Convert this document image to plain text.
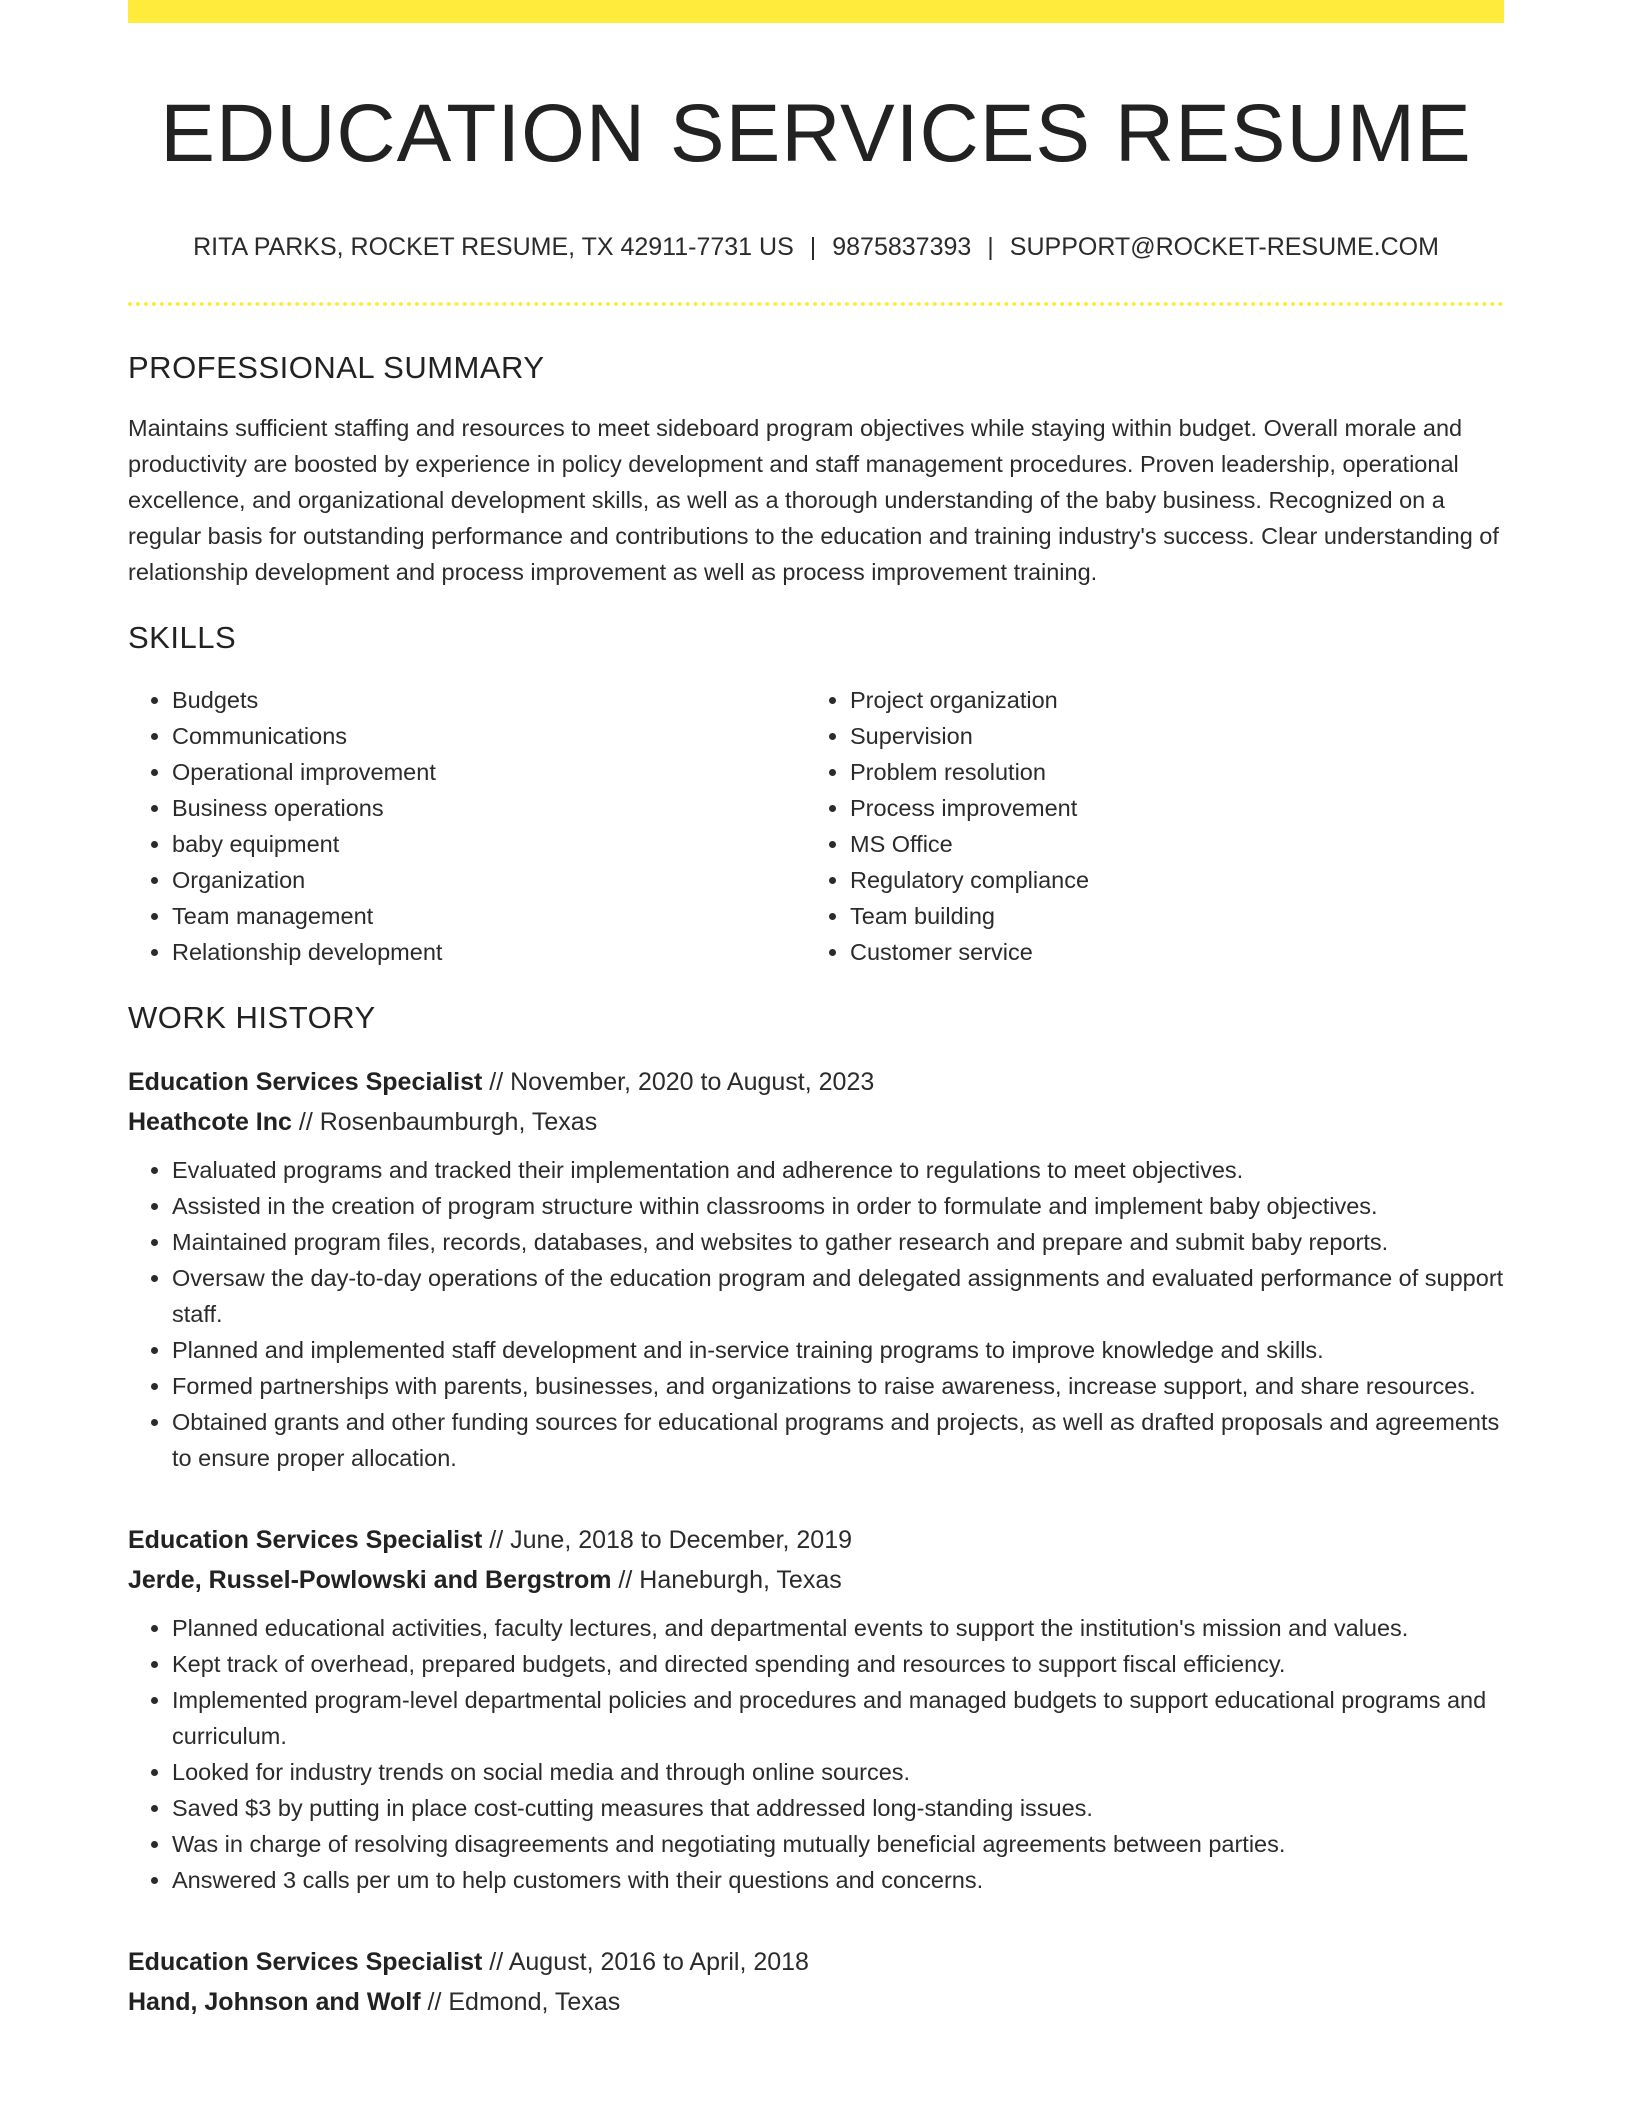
EDUCATION SERVICES RESUME
RITA PARKS, ROCKET RESUME, TX 42911-7731 US | 9875837393 | SUPPORT@ROCKET-RESUME.COM
PROFESSIONAL SUMMARY
Maintains sufficient staffing and resources to meet sideboard program objectives while staying within budget. Overall morale and productivity are boosted by experience in policy development and staff management procedures. Proven leadership, operational excellence, and organizational development skills, as well as a thorough understanding of the baby business. Recognized on a regular basis for outstanding performance and contributions to the education and training industry's success. Clear understanding of relationship development and process improvement as well as process improvement training.
SKILLS
• Budgets
• Communications
• Operational improvement
• Business operations
• baby equipment
• Organization
• Team management
• Relationship development
• Project organization
• Supervision
• Problem resolution
• Process improvement
• MS Office
• Regulatory compliance
• Team building
• Customer service
WORK HISTORY
Education Services Specialist // November, 2020 to August, 2023
Heathcote Inc // Rosenbaumburgh, Texas
• Evaluated programs and tracked their implementation and adherence to regulations to meet objectives.
• Assisted in the creation of program structure within classrooms in order to formulate and implement baby objectives.
• Maintained program files, records, databases, and websites to gather research and prepare and submit baby reports.
• Oversaw the day-to-day operations of the education program and delegated assignments and evaluated performance of support staff.
• Planned and implemented staff development and in-service training programs to improve knowledge and skills.
• Formed partnerships with parents, businesses, and organizations to raise awareness, increase support, and share resources.
• Obtained grants and other funding sources for educational programs and projects, as well as drafted proposals and agreements to ensure proper allocation.
Education Services Specialist // June, 2018 to December, 2019
Jerde, Russel-Powlowski and Bergstrom // Haneburgh, Texas
• Planned educational activities, faculty lectures, and departmental events to support the institution's mission and values.
• Kept track of overhead, prepared budgets, and directed spending and resources to support fiscal efficiency.
• Implemented program-level departmental policies and procedures and managed budgets to support educational programs and curriculum.
• Looked for industry trends on social media and through online sources.
• Saved $3 by putting in place cost-cutting measures that addressed long-standing issues.
• Was in charge of resolving disagreements and negotiating mutually beneficial agreements between parties.
• Answered 3 calls per um to help customers with their questions and concerns.
Education Services Specialist // August, 2016 to April, 2018
Hand, Johnson and Wolf // Edmond, Texas
